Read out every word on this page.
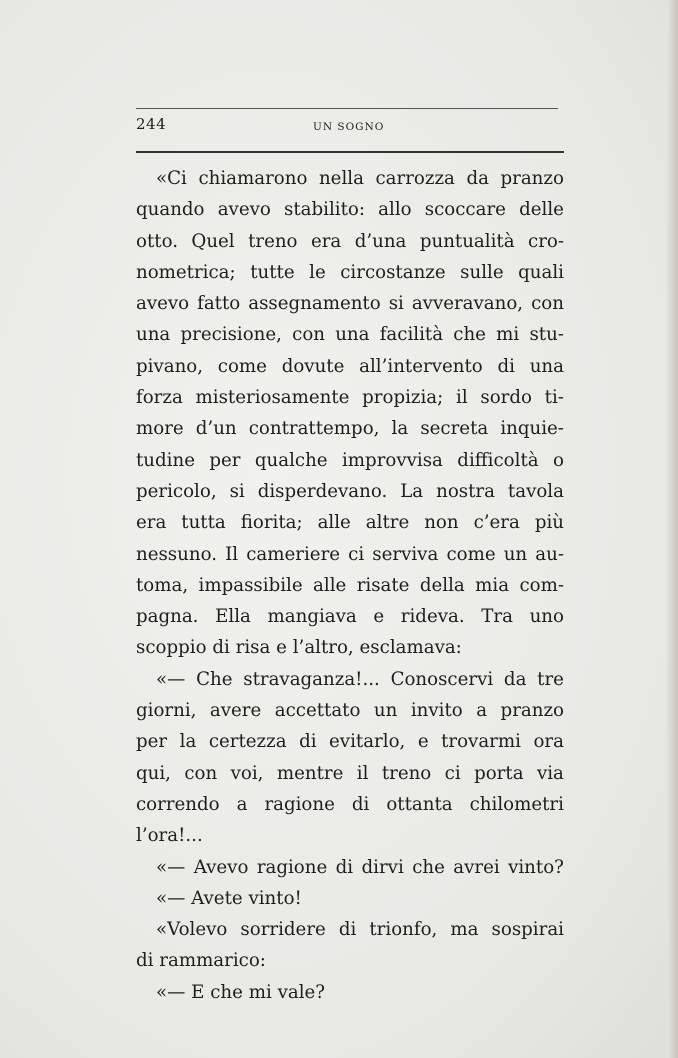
244	UN SOGNO
«Ci chiamarono nella carrozza da pranzo
quando avevo stabilito: allo scoccare delle
otto. Quel treno era d’una puntualità cro-
nometrica; tutte le circostanze sulle quali
avevo fatto assegnamento si avveravano, con
una precisione, con una facilità che mi stu-
pivano, come dovute all’intervento di una
forza misteriosamente propizia; il sordo ti-
more d’un contrattempo, la secreta inquie-
tudine per qualche improvvisa difficoltà o
pericolo, si disperdevano. La nostra tavola
era tutta fiorita; alle altre non c’era più
nessuno. Il cameriere ci serviva come un au-
toma, impassibile alle risate della mia com-
pagna. Ella mangiava e rideva. Tra uno
scoppio di risa e l’altro, esclamava:
«— Che stravaganza!... Conoscervi da tre
giorni, avere accettato un invito a pranzo
per la certezza di evitarlo, e trovarmi ora
qui, con voi, mentre il treno ci porta via
correndo a ragione di ottanta chilometri
l’ora!...
«— Avevo ragione di dirvi che avrei vinto?
«— Avete vinto!
«Volevo sorridere di trionfo, ma sospirai
di rammarico:
«— E che mi vale?
